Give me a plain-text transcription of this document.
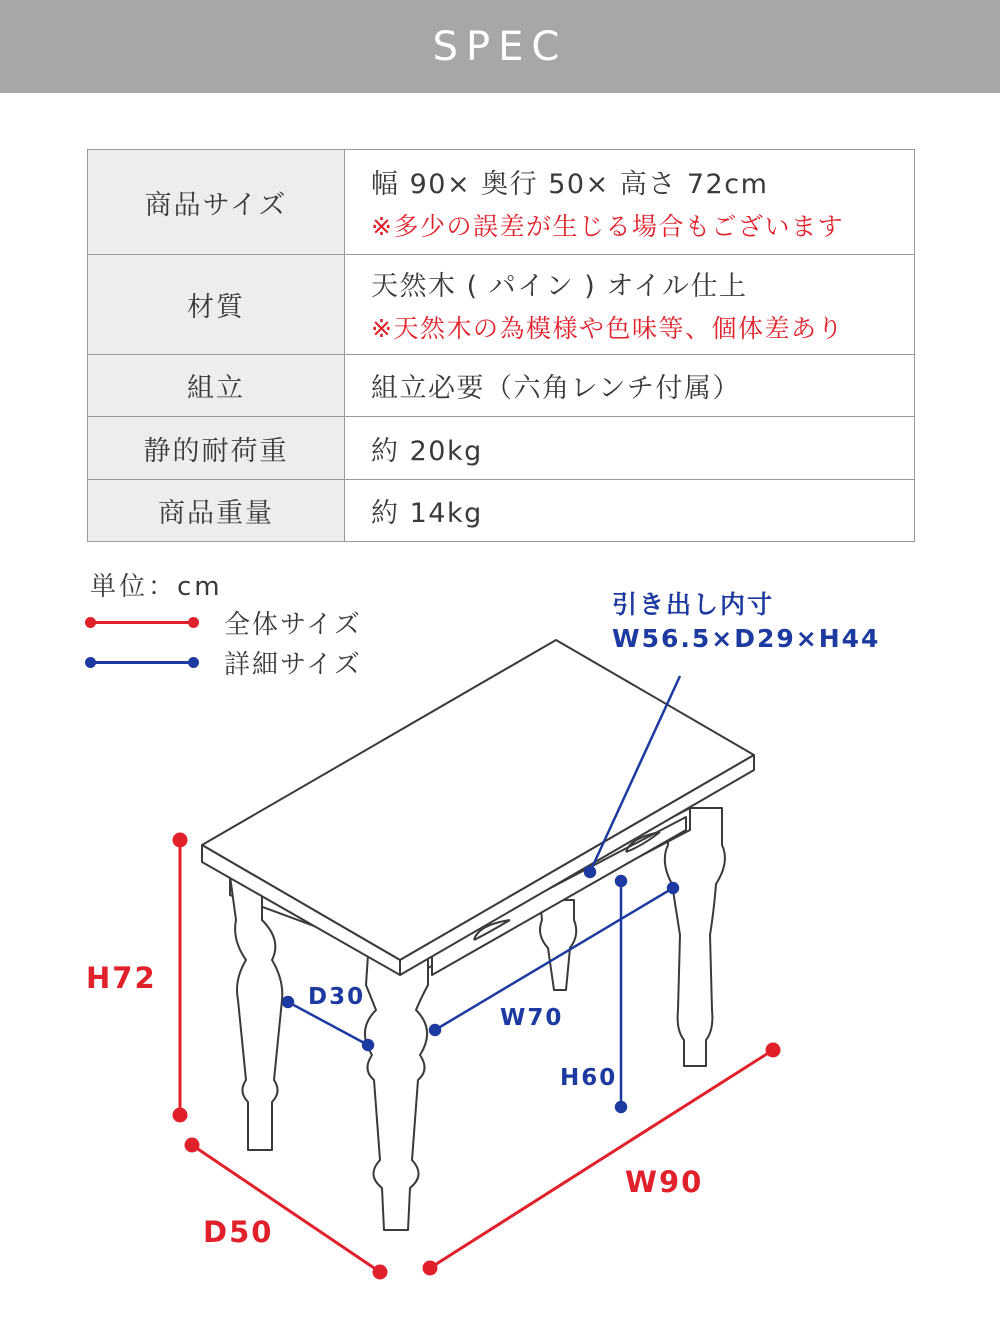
SPEC
商品サイズ	幅 90× 奥行 50× 高さ 72cm
※多少の誤差が生じる場合もございます

材質	天然木 ( パイン ) オイル仕上
※天然木の為模様や色味等、個体差あり

組立	組立必要（六角レンチ付属）

静的耐荷重	約 20kg

商品重量	約 14kg
単位：cm
全体サイズ
詳細サイズ
引き出し内寸
W56.5×D29×H44
H72
D50
W90
D30
W70
H60
